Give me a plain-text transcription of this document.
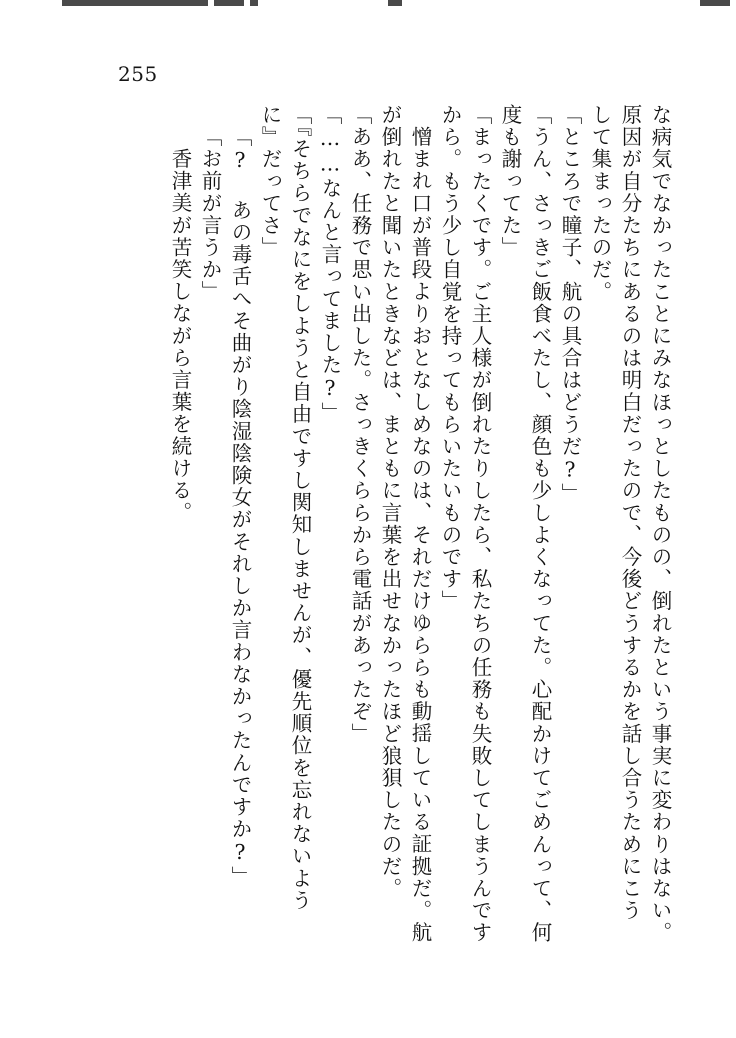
255
な病気でなかったことにみなほっとしたものの、倒れたという事実に変わりはない。
原因が自分たちにあるのは明白だったので、今後どうするかを話し合うためにこう
して集まったのだ。
「ところで瞳子、航の具合はどうだ?」
「うん、さっきご飯食べたし、顔色も少しよくなってた。心配かけてごめんって、何
度も謝ってた」
「まったくです。ご主人様が倒れたりしたら、私たちの任務も失敗してしまうんです
から。もう少し自覚を持ってもらいたいものです」
憎まれ口が普段よりおとなしめなのは、それだけゆららも動揺している証拠だ。航
が倒れたと聞いたときなどは、まともに言葉を出せなかったほど狼狽したのだ。
「ああ、任務で思い出した。さっきくららから電話があったぞ」
「……なんと言ってました?」
「『そちらでなにをしようと自由ですし関知しませんが、優先順位を忘れないよう
に』だってさ」
「? あの毒舌へそ曲がり陰湿陰険女がそれしか言わなかったんですか?」
「お前が言うか」
香津美が苦笑しながら言葉を続ける。
